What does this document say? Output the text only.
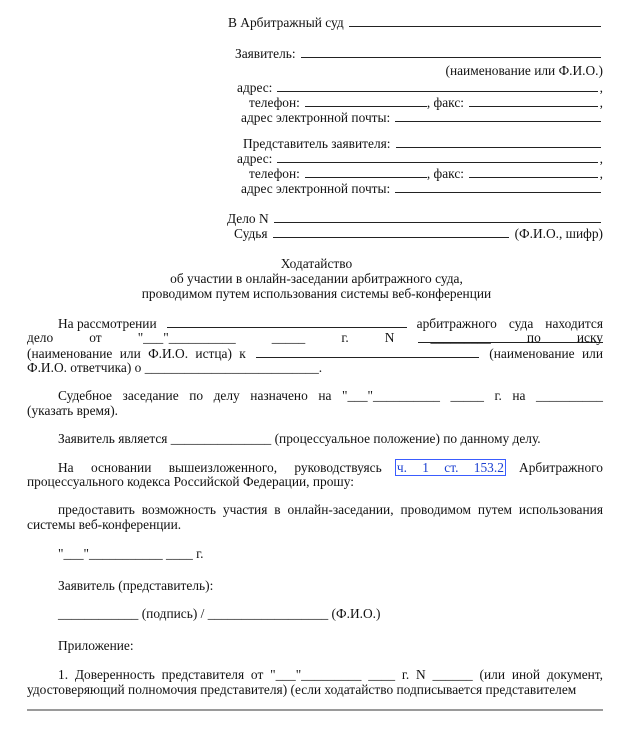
В Арбитражный суд
Заявитель:
(наименование или Ф.И.О.)
адрес:	,
телефон:	, факс:	,
адрес электронной почты:
Представитель заявителя:
адрес:	,
телефон:	, факс:	,
адрес электронной почты:
Дело N
Судья	(Ф.И.О., шифр)
Ходатайство
об участии в онлайн-заседании арбитражного суда,
проводимом путем использования системы веб-конференции
На рассмотрении	арбитражного суда находится
дело от "___"__________ _____ г. N _________ по иску
(наименование или Ф.И.О. истца) к	(наименование или
Ф.И.О. ответчика) о __________________________.
Судебное заседание по делу назначено на "___"__________ _____ г. на __________
(указать время).
Заявитель является _______________ (процессуальное положение) по данному делу.
На основании вышеизложенного, руководствуясь ч. 1 ст. 153.2 Арбитражного
процессуального кодекса Российской Федерации, прошу:

предоставить возможность участия в онлайн-заседании, проводимом путем использования системы веб-конференции.

"___"___________ ____ г.
Заявитель (представитель):
____________ (подпись) / __________________ (Ф.И.О.)
Приложение:

1. Доверенность представителя от "___"_________ ____ г. N ______ (или иной документ, удостоверяющий полномочия представителя) (если ходатайство подписывается представителем
